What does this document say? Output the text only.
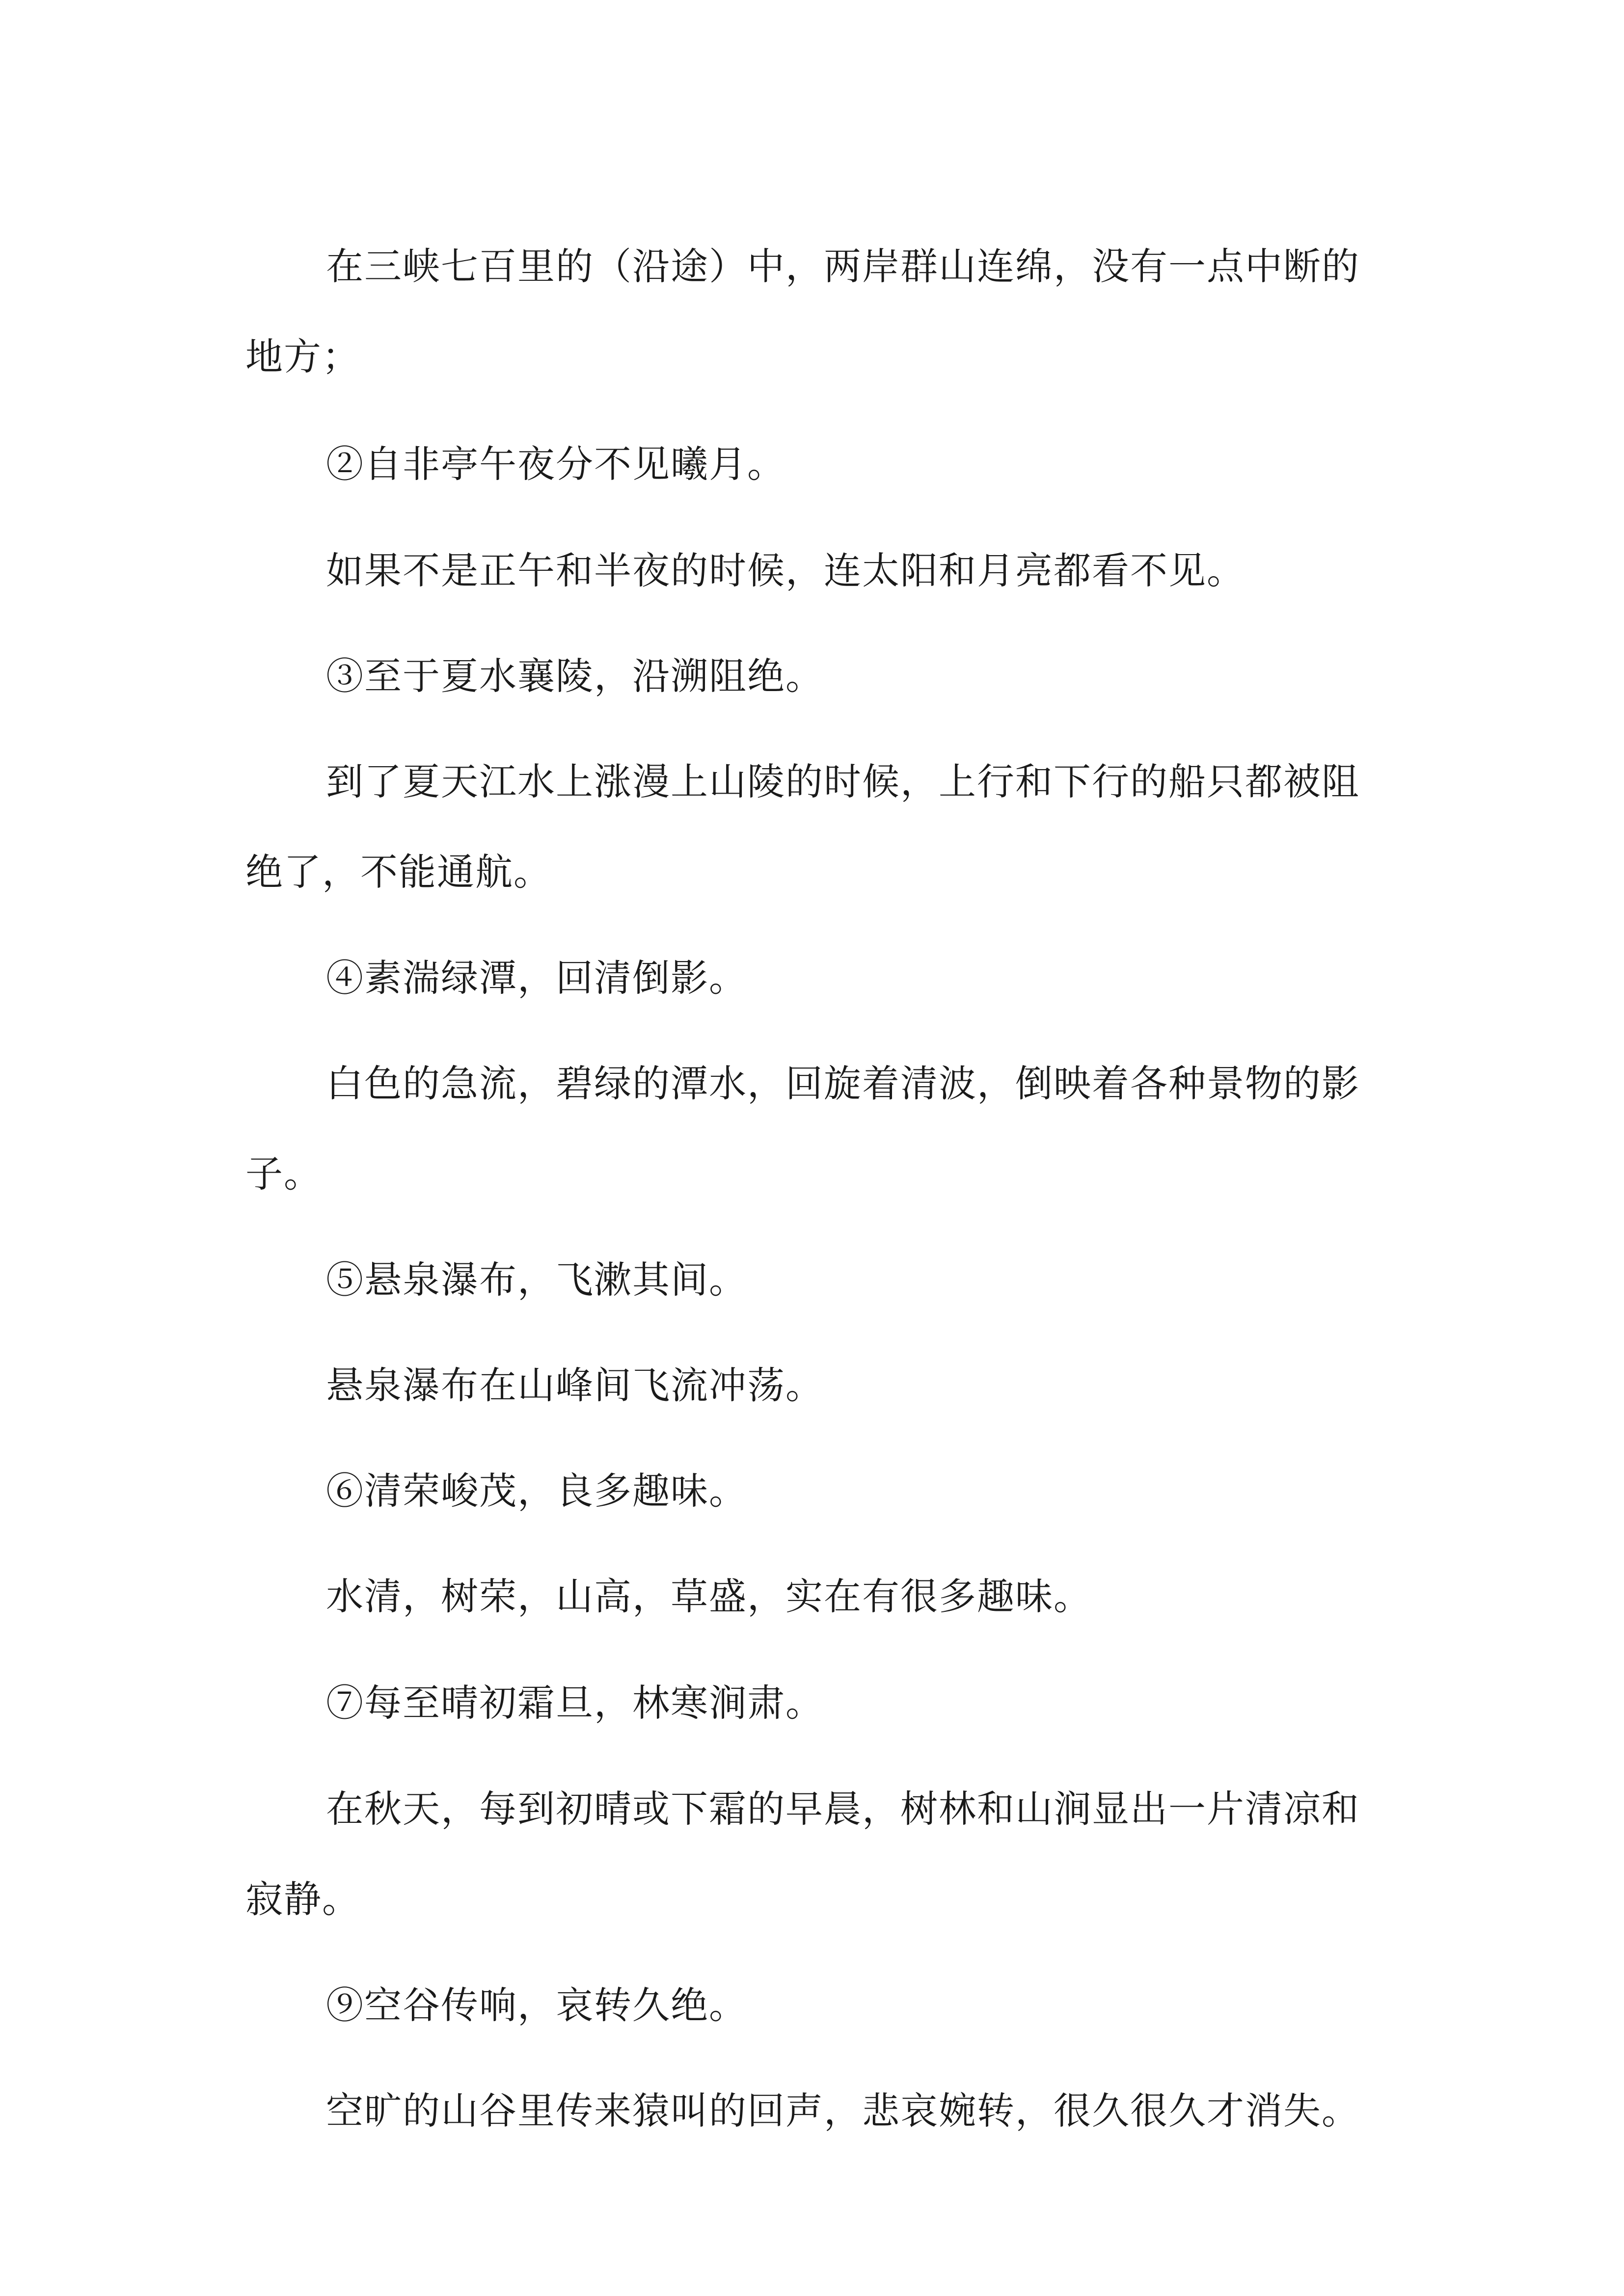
在三峡七百里的（沿途）中，两岸群山连绵，没有一点中断的地方；

②自非亭午夜分不见曦月。

如果不是正午和半夜的时候，连太阳和月亮都看不见。

③至于夏水襄陵，沿溯阻绝。

到了夏天江水上涨漫上山陵的时候，上行和下行的船只都被阻绝了，不能通航。

④素湍绿潭，回清倒影。

白色的急流，碧绿的潭水，回旋着清波，倒映着各种景物的影子。

⑤悬泉瀑布，飞漱其间。

悬泉瀑布在山峰间飞流冲荡。

⑥清荣峻茂，良多趣味。

水清，树荣，山高，草盛，实在有很多趣味。

⑦每至晴初霜旦，林寒涧肃。

在秋天，每到初晴或下霜的早晨，树林和山涧显出一片清凉和寂静。

⑨空谷传响，哀转久绝。

空旷的山谷里传来猿叫的回声，悲哀婉转，很久很久才消失。
